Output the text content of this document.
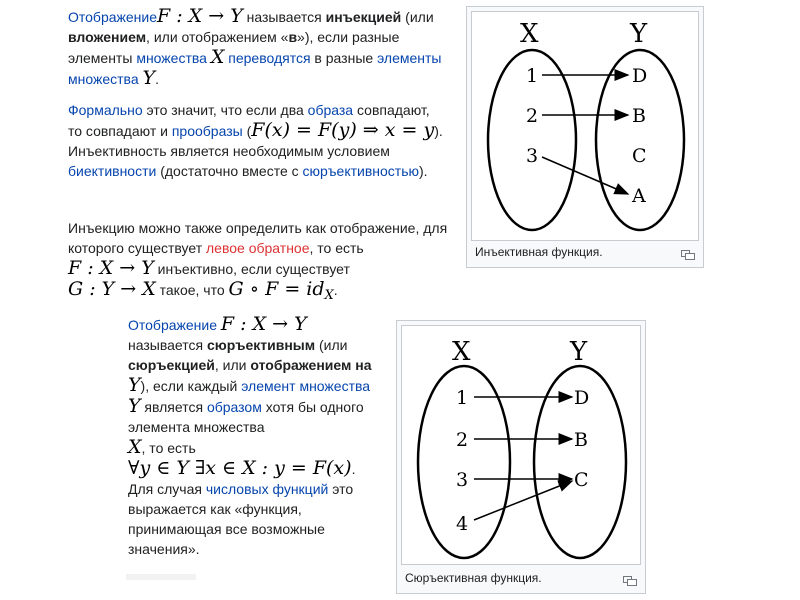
ОтображениеF : X → Y называется инъекцией (или вложением, или отображением «в»), если разные элементы множества X переводятся в разные элементы множества Y.
Формально это значит, что если два образа совпадают, то совпадают и прообразы (F(x) = F(y) ⇒ x = y). Инъективность является необходимым условием биективности (достаточно вместе с сюръективностью).
Инъекцию можно также определить как отображение, для которого существует левое обратное, то есть
F : X → Y инъективно, если существует
G : Y → X такое, что G ∘ $F = id_X$.
X	Y
1
2
3
D
B
C
A
Инъективная функция.
Отображение F : X → Y
называется сюръективным (или сюръекцией, или отображением на Y), если каждый элемент множества Y является образом хотя бы одного элемента множества
X, то есть
∀y ∈ Y ∃x ∈ X : y = F(x).
Для случая числовых функций это выражается как «функция, принимающая все возможные значения».
X	Y
1
2
3
4
D
B
C
Сюръективная функция.
